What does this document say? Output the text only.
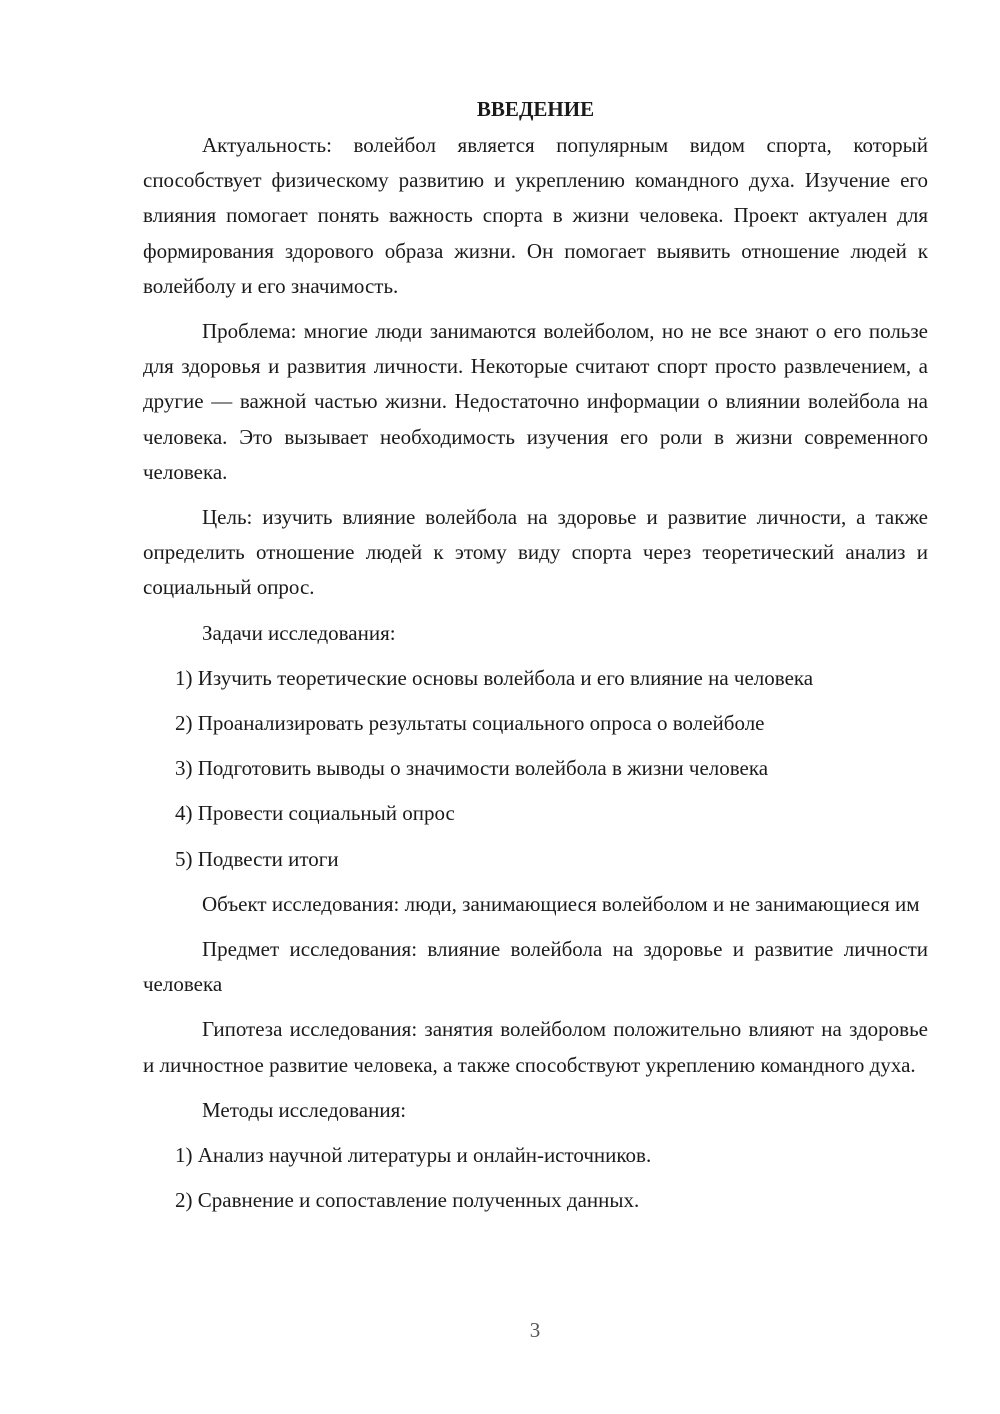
ВВЕДЕНИЕ

Актуальность: волейбол является популярным видом спорта, который способствует физическому развитию и укреплению командного духа. Изучение его влияния помогает понять важность спорта в жизни человека. Проект актуален для формирования здорового образа жизни. Он помогает выявить отношение людей к волейболу и его значимость.

Проблема: многие люди занимаются волейболом, но не все знают о его пользе для здоровья и развития личности. Некоторые считают спорт просто развлечением, а другие — важной частью жизни. Недостаточно информации о влиянии волейбола на человека. Это вызывает необходимость изучения его роли в жизни современного человека.

Цель: изучить влияние волейбола на здоровье и развитие личности, а также определить отношение людей к этому виду спорта через теоретический анализ и социальный опрос.

Задачи исследования:

1) Изучить теоретические основы волейбола и его влияние на человека
2) Проанализировать результаты социального опроса о волейболе
3) Подготовить выводы о значимости волейбола в жизни человека
4) Провести социальный опрос
5) Подвести итоги

Объект исследования: люди, занимающиеся волейболом и не занимающиеся им

Предмет исследования: влияние волейбола на здоровье и развитие личности человека

Гипотеза исследования: занятия волейболом положительно влияют на здоровье и личностное развитие человека, а также способствуют укреплению командного духа.

Методы исследования:

1) Анализ научной литературы и онлайн-источников.
2) Сравнение и сопоставление полученных данных.
3
